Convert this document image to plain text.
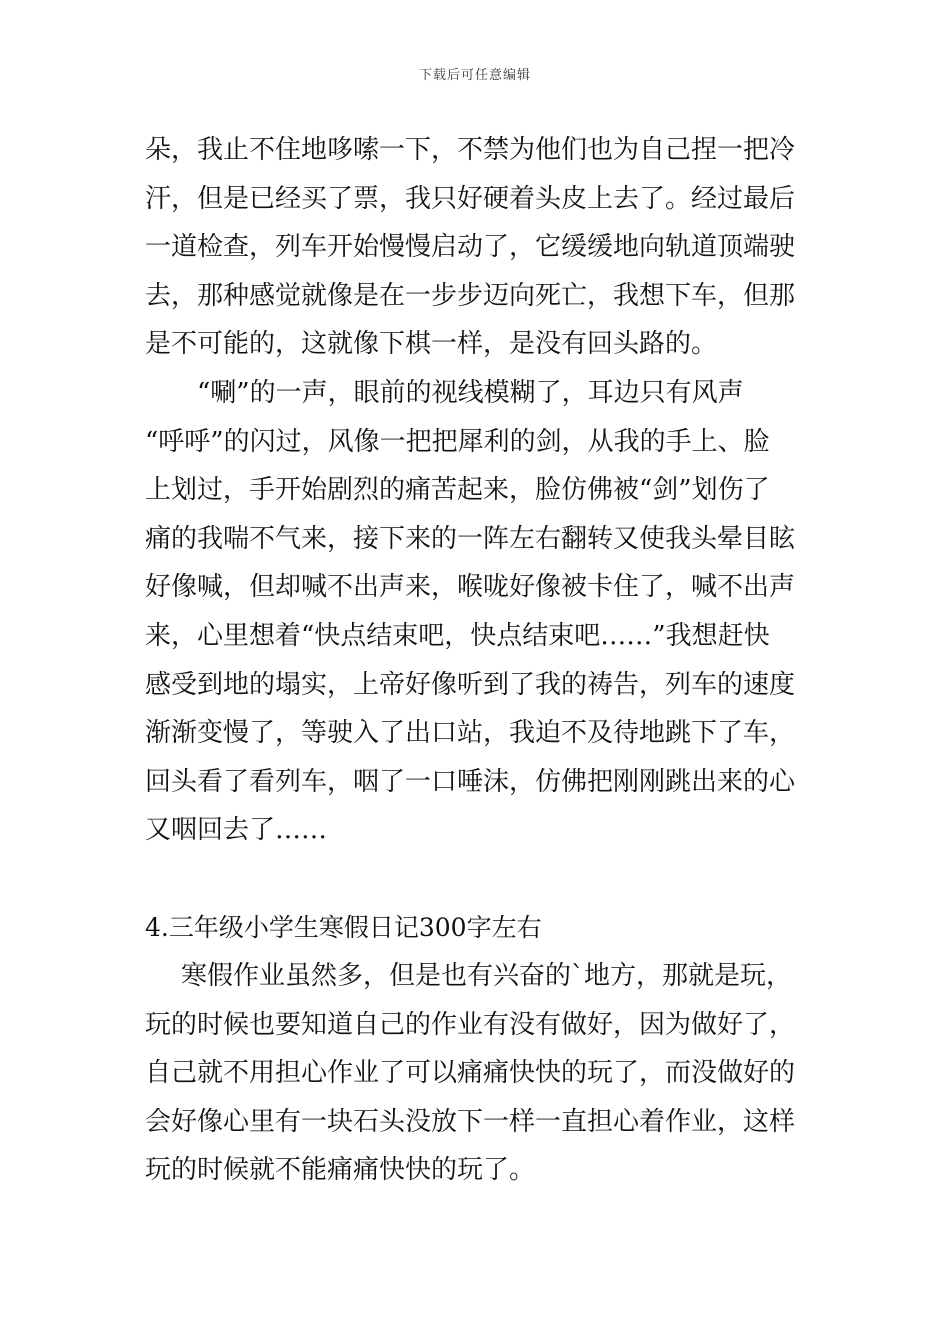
下载后可任意编辑
朵，我止不住地哆嗦一下，不禁为他们也为自己捏一把冷
汗，但是已经买了票，我只好硬着头皮上去了。经过最后
一道检查，列车开始慢慢启动了，它缓缓地向轨道顶端驶
去，那种感觉就像是在一步步迈向死亡，我想下车，但那
是不可能的，这就像下棋一样，是没有回头路的。
“唰”的一声，眼前的视线模糊了，耳边只有风声
“呼呼”的闪过，风像一把把犀利的剑，从我的手上、脸
上划过，手开始剧烈的痛苦起来，脸仿佛被“剑”划伤了
痛的我喘不气来，接下来的一阵左右翻转又使我头晕目眩
好像喊，但却喊不出声来，喉咙好像被卡住了，喊不出声
来，心里想着“快点结束吧，快点结束吧……”我想赶快
感受到地的塌实，上帝好像听到了我的祷告，列车的速度
渐渐变慢了，等驶入了出口站，我迫不及待地跳下了车，
回头看了看列车，咽了一口唾沫，仿佛把刚刚跳出来的心
又咽回去了……
4.三年级小学生寒假日记300字左右
寒假作业虽然多，但是也有兴奋的`地方，那就是玩，
玩的时候也要知道自己的作业有没有做好，因为做好了，
自己就不用担心作业了可以痛痛快快的玩了，而没做好的
会好像心里有一块石头没放下一样一直担心着作业，这样
玩的时候就不能痛痛快快的玩了。
